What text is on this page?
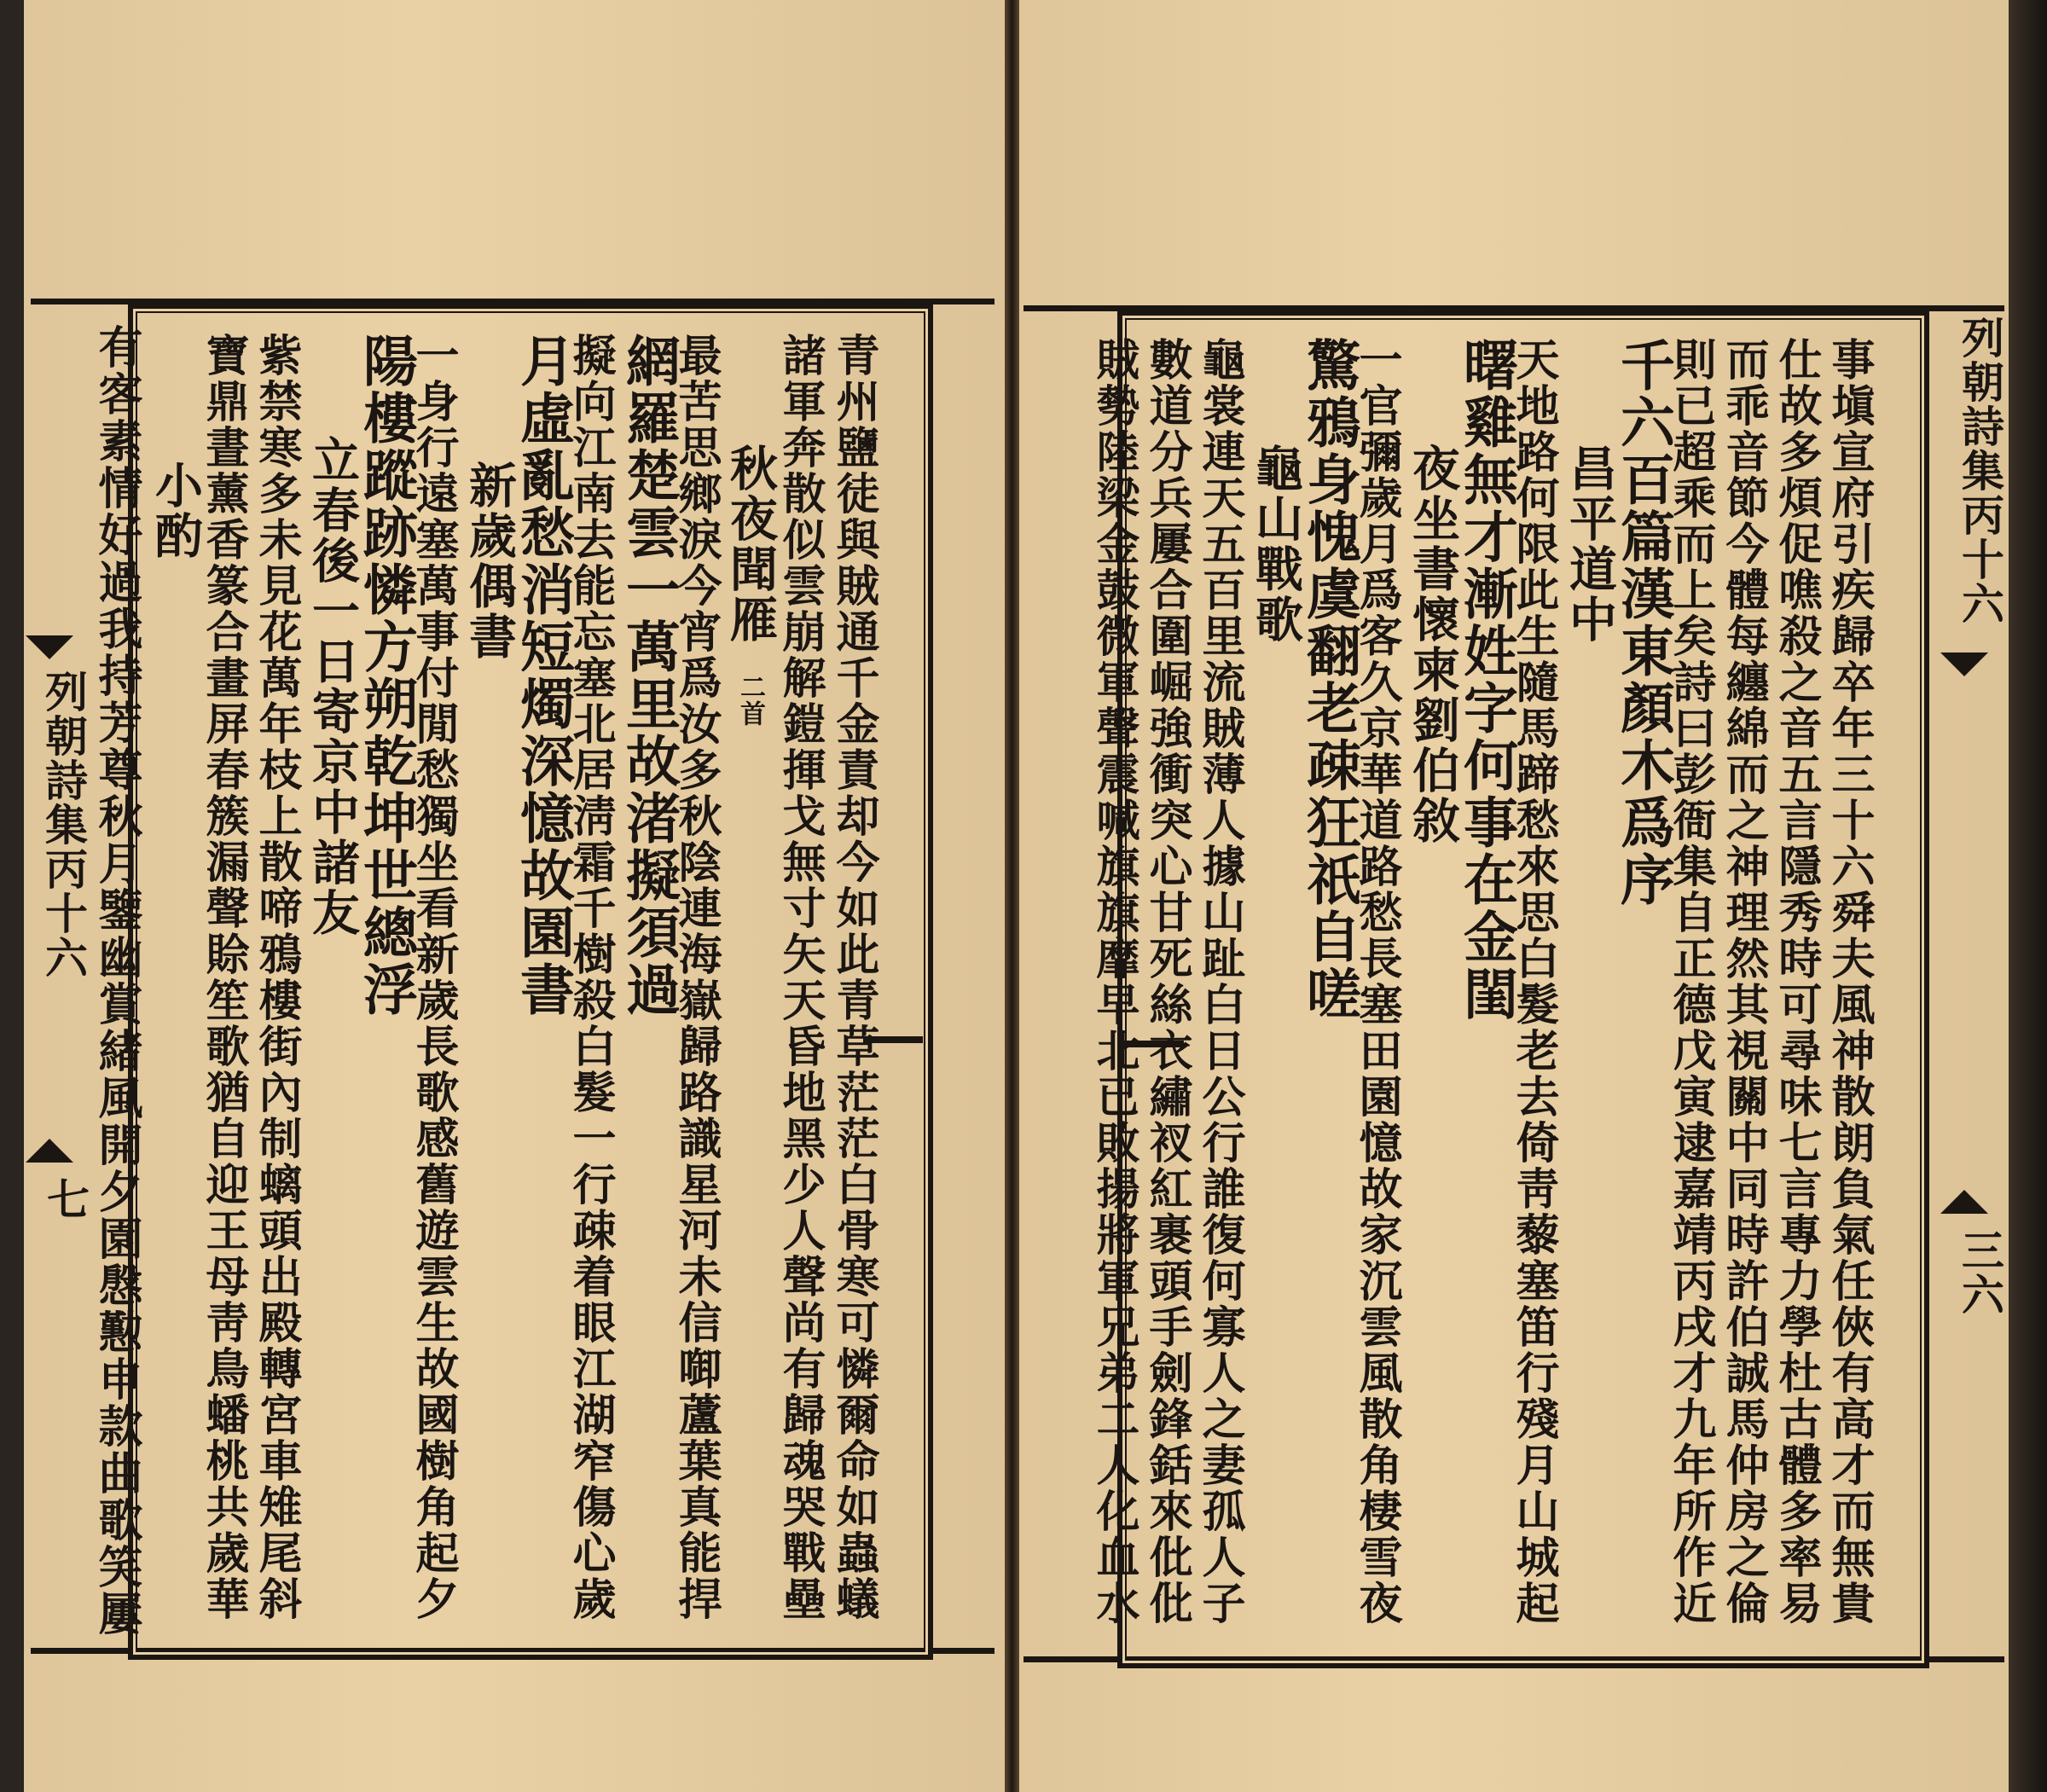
列朝詩集丙十六
七
列朝詩集丙十六
三六
青州鹽徒與賊通千金責却今如此青草茫茫白骨寒可憐爾命如蟲蟻
諸軍奔散似雲崩解鎧揮戈無寸矢天昏地黑少人聲尚有歸魂哭戰壘
秋夜聞雁
二首
最苦思鄉淚今宵爲汝多秋陰連海嶽歸路識星河未信啣蘆葉真能捍
網羅楚雲一萬里故渚擬須過
擬向江南去能忘塞北居淸霜千樹殺白髮一行疎着眼江湖窄傷心歲
月虛亂愁消短燭深憶故園書
新歲偶書
一身行遠塞萬事付閒愁獨坐看新歲長歌感舊遊雲生故國樹角起夕
陽樓蹤跡憐方朔乾坤世總浮
立春後一日寄京中諸友
紫禁寒多未見花萬年枝上散啼鴉樓街內制螭頭出殿轉宮車雉尾斜
寶鼎晝薰香篆合畫屏春簇漏聲賒笙歌猶自迎王母靑鳥蟠桃共歲華
小酌
有客素情好過我持芳尊秋月鑒幽賞緒風開夕園慇懃申款曲歌笑屢	事塡宣府引疾歸卒年三十六舜夫風神散朗負氣任俠有高才而無貴
仕故多煩促噍殺之音五言隱秀時可尋味七言專力學杜古體多率易
而乖音節今體每纏綿而之神理然其視關中同時許伯誠馬仲房之倫
則已超乘而上矣詩曰彭衙集自正德戊寅逮嘉靖丙戌才九年所作近
千六百篇漢東顏木爲序
昌平道中
天地路何限此生隨馬蹄愁來思白髮老去倚靑藜塞笛行殘月山城起
曙雞無才漸姓字何事在金閨
夜坐書懷柬劉伯敘
一官彌歲月爲客久京華道路愁長塞田園憶故家沉雲風散角棲雪夜
驚鴉身愧虞翻老疎狂祇自嗟
龜山戰歌
龜裳連天五百里流賊薄人據山趾白日公行誰復何寡人之妻孤人子
數道分兵屢合圍崛強衝突心甘死絲衣繡衩紅裹頭手劍鋒銛來仳仳
賊勢陸梁金鼓微軍聲震喊旗旗靡早北已敗揚將軍兄弟二人化血水
